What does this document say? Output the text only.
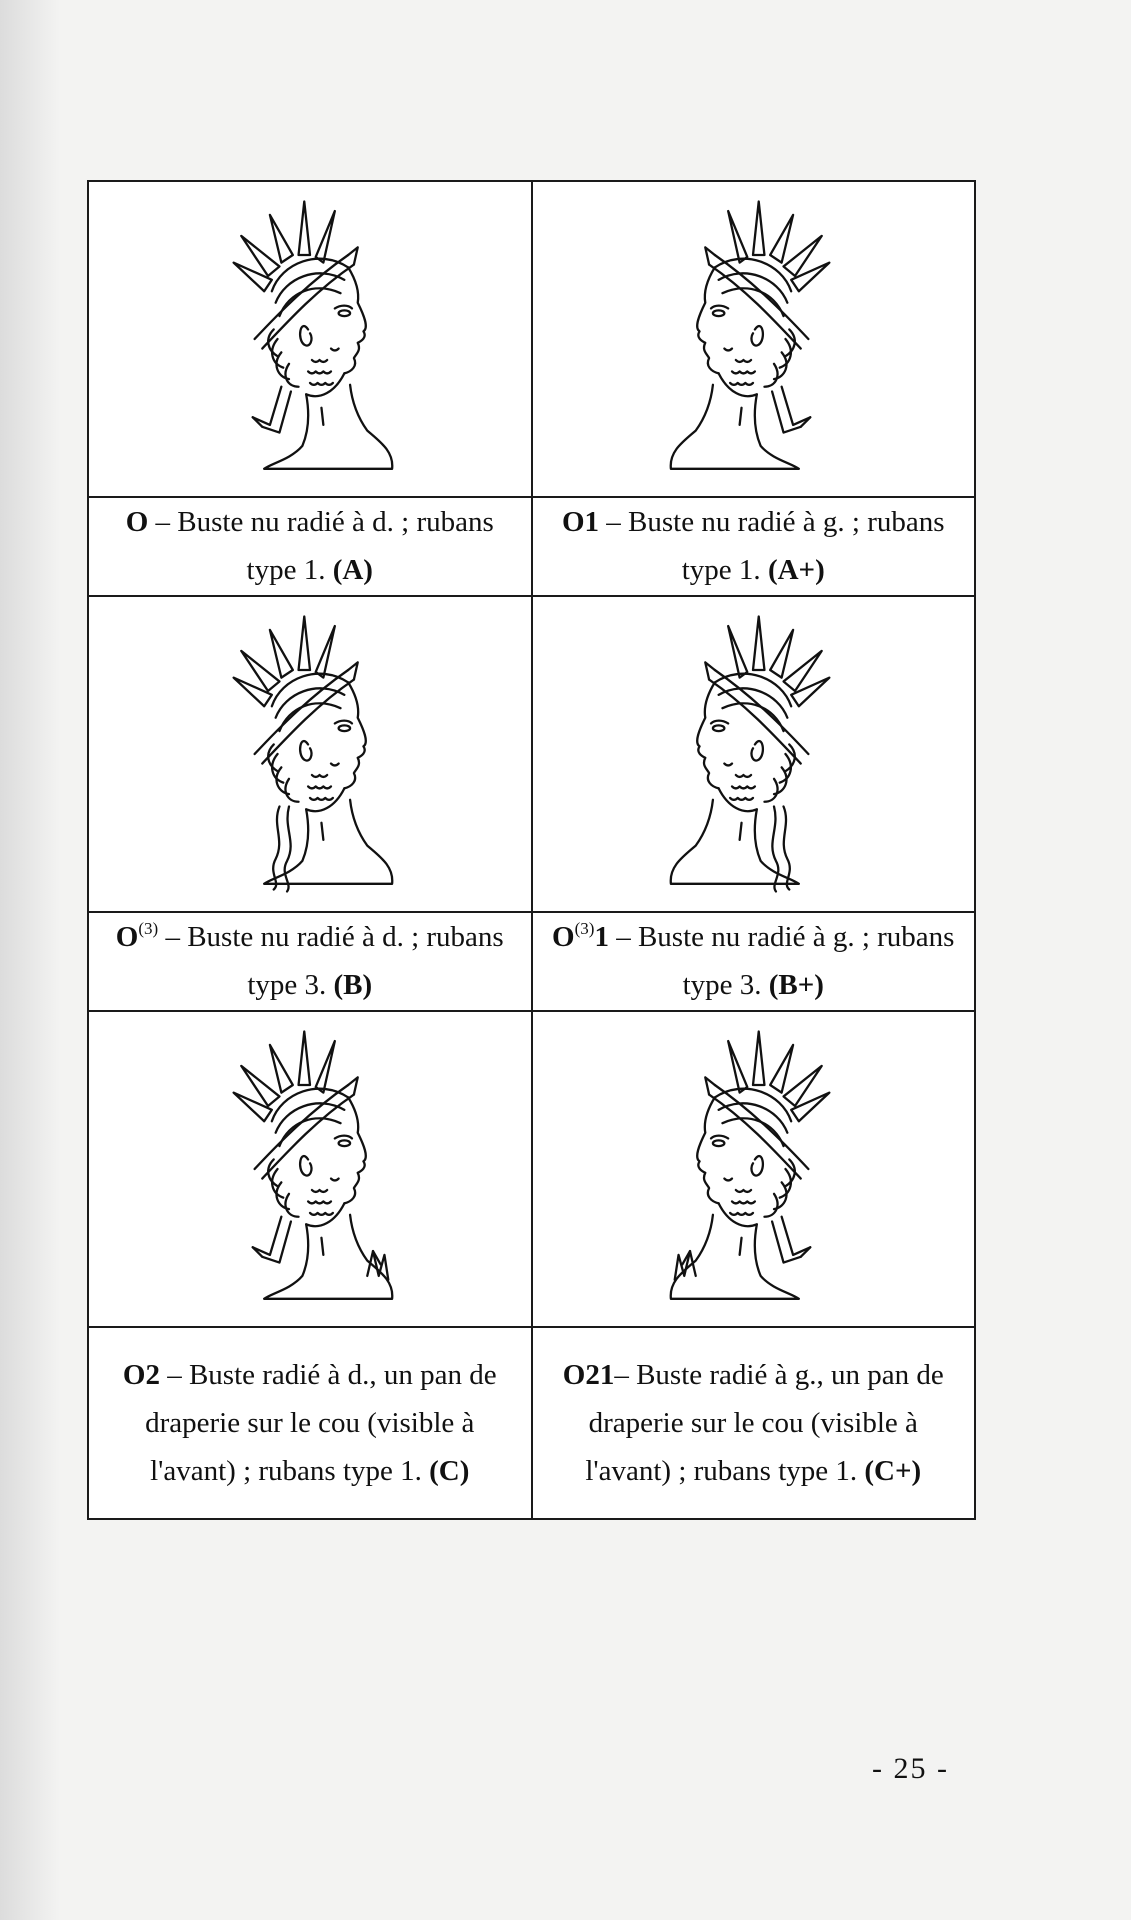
O – Buste nu radié à d. ; rubans type 1. (A)	O1 – Buste nu radié à g. ; rubans type 1. (A+)

$O^{(3)}$ – Buste nu radié à d. ; rubans type 3. (B)	$O^{(3)}1$ – Buste nu radié à g. ; rubans type 3. (B+)

O2 – Buste radié à d., un pan de draperie sur le cou (visible à l'avant) ; rubans type 1. (C)	O21– Buste radié à g., un pan de draperie sur le cou (visible à l'avant) ; rubans type 1. (C+)
- 25 -
